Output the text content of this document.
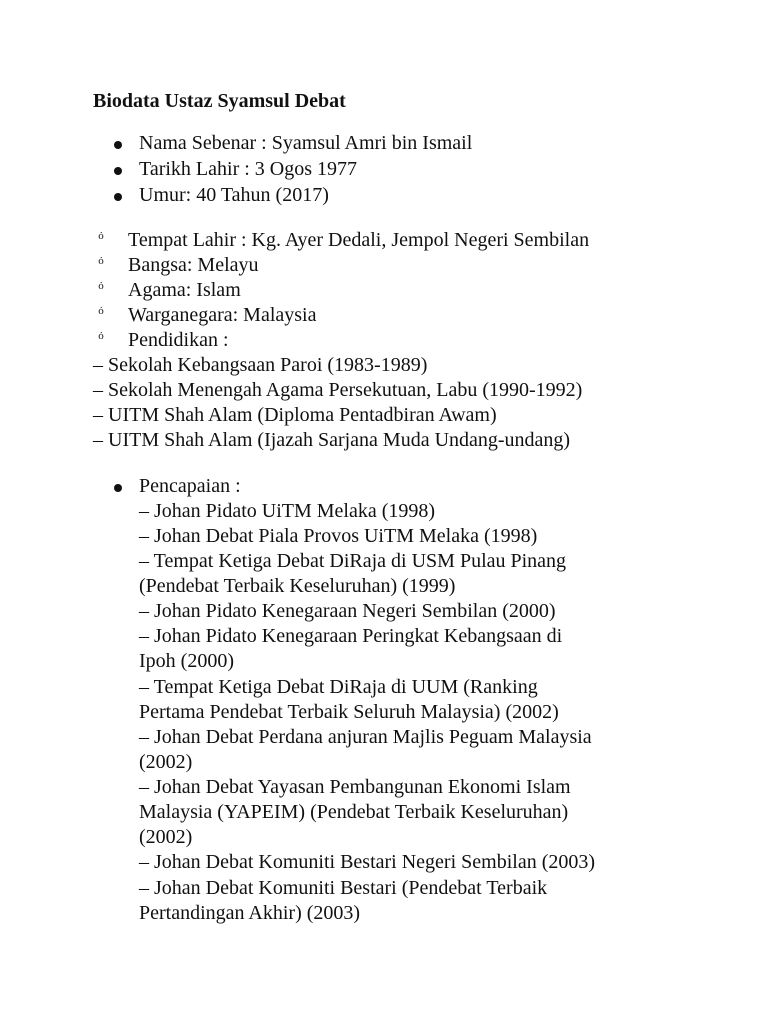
Biodata Ustaz Syamsul Debat
Nama Sebenar : Syamsul Amri bin Ismail
Tarikh Lahir : 3 Ogos 1977
Umur: 40 Tahun (2017)
ỏ Tempat Lahir : Kg. Ayer Dedali, Jempol Negeri Sembilan
ỏ Bangsa: Melayu
ỏ Agama: Islam
ỏ Warganegara: Malaysia
ỏ Pendidikan :
– Sekolah Kebangsaan Paroi (1983-1989)
– Sekolah Menengah Agama Persekutuan, Labu (1990-1992)
– UITM Shah Alam (Diploma Pentadbiran Awam)
– UITM Shah Alam (Ijazah Sarjana Muda Undang-undang)
Pencapaian :
– Johan Pidato UiTM Melaka (1998)
– Johan Debat Piala Provos UiTM Melaka (1998)
– Tempat Ketiga Debat DiRaja di USM Pulau Pinang
(Pendebat Terbaik Keseluruhan) (1999)
– Johan Pidato Kenegaraan Negeri Sembilan (2000)
– Johan Pidato Kenegaraan Peringkat Kebangsaan di
Ipoh (2000)
– Tempat Ketiga Debat DiRaja di UUM (Ranking
Pertama Pendebat Terbaik Seluruh Malaysia) (2002)
– Johan Debat Perdana anjuran Majlis Peguam Malaysia
(2002)
– Johan Debat Yayasan Pembangunan Ekonomi Islam
Malaysia (YAPEIM) (Pendebat Terbaik Keseluruhan)
(2002)
– Johan Debat Komuniti Bestari Negeri Sembilan (2003)
– Johan Debat Komuniti Bestari (Pendebat Terbaik
Pertandingan Akhir) (2003)
